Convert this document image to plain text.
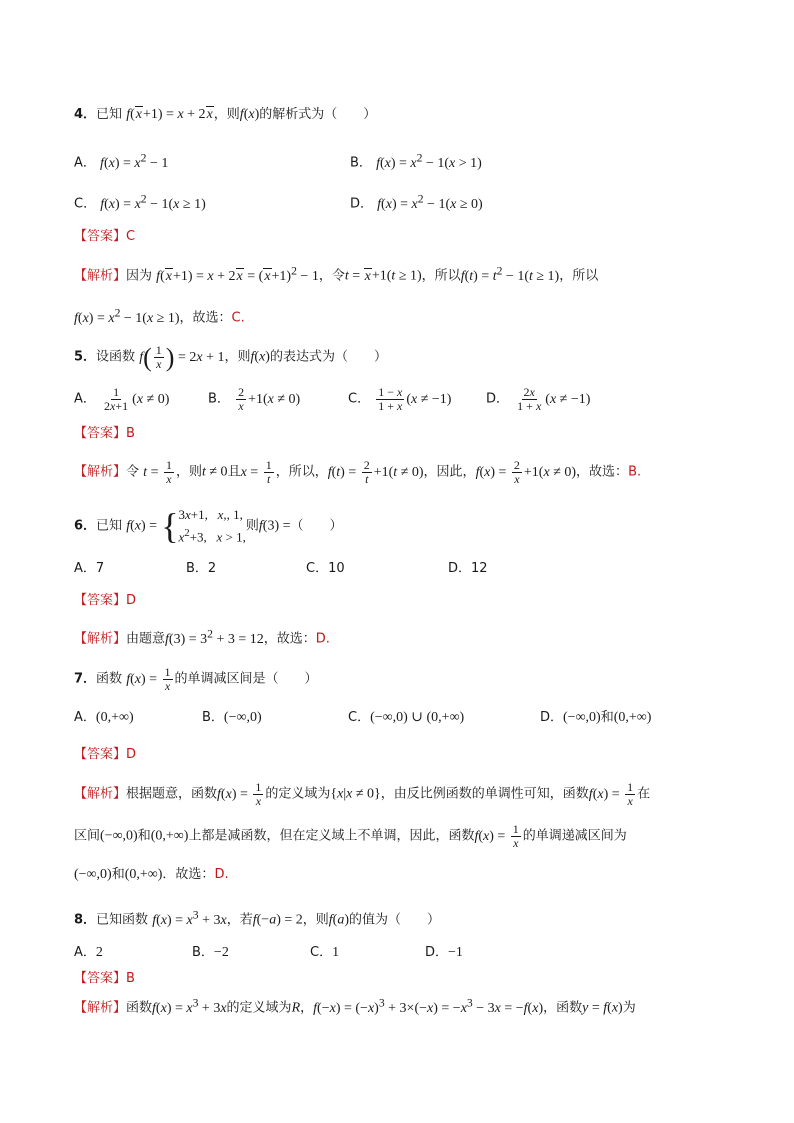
4．已知 f(x+1) = x + 2x，则f(x)的解析式为（　　）
A． $f(x) = x^2 - 1$	B． $f(x) = x^2 - 1(x > 1)$
C． $f(x) = x^2 - 1(x \ge 1)$	D． $f(x) = x^2 - 1(x \ge 0)$
【答案】C
【解析】因为 $f(x+1) = x + 2x = (x+1)^2 - 1$，令t = x+1(t ≥ 1)，所以$f(t) = t^2 - 1(t \ge 1)$，所以
$f(x) = x^2 - 1(x \ge 1)$，故选：C.
5．设函数 $f( \frac{1}{x}$ ) = 2x + 1，则f(x)的表达式为（　　）
A． $\frac{1}{2x+1} (x \ne 0)$	B． $\frac{2}{x} +1(x \ne 0)$	C． $\frac{1 - x}{1 + x} (x \ne -1)$	D． $\frac{2x}{1 + x} (x \ne -1)$
【答案】B
【解析】令 $t = \frac{1}{x}$ ，则t ≠ 0且$x = \frac{1}{t}$ ，所以，$f(t) = \frac{2}{t} +1(t \ne 0)$，因此，$f(x) = \frac{2}{x} +1(x \ne 0)$，故选：B.
6．已知 f(x) = { 3x+1,   x,, 1,
$x^2+3$,   x > 1,
则f(3) =（　　）
A．7	B．2	C．10	D．12
【答案】D
【解析】由题意$f(3) = 3^2 + 3 = 12$，故选：D.
7．函数 $f(x) = \frac{1}{x}$ 的单调减区间是（　　）
A．(0,+∞)	B．(−∞,0)	C．(−∞,0) ∪ (0,+∞)	D．(−∞,0)和(0,+∞)
【答案】D
【解析】根据题意，函数$f(x) = \frac{1}{x}$ 的定义域为{x|x ≠ 0}，由反比例函数的单调性可知，函数$f(x) = \frac{1}{x}$ 在
区间(−∞,0)和(0,+∞)上都是减函数，但在定义域上不单调，因此，函数$f(x) = \frac{1}{x}$ 的单调递减区间为
(−∞,0)和(0,+∞)．故选：D.
8．已知函数 $f(x) = x^3 + 3x$，若f(−a) = 2，则f(a)的值为（　　）
A．2	B．−2	C．1	D．−1
【答案】B
【解析】函数$f(x) = x^3 + 3x$的定义域为R，$f(-x) = (-x)^3 + 3\times(-x) = -x^3 - 3x = -f(x)$，函数y = f(x)为
